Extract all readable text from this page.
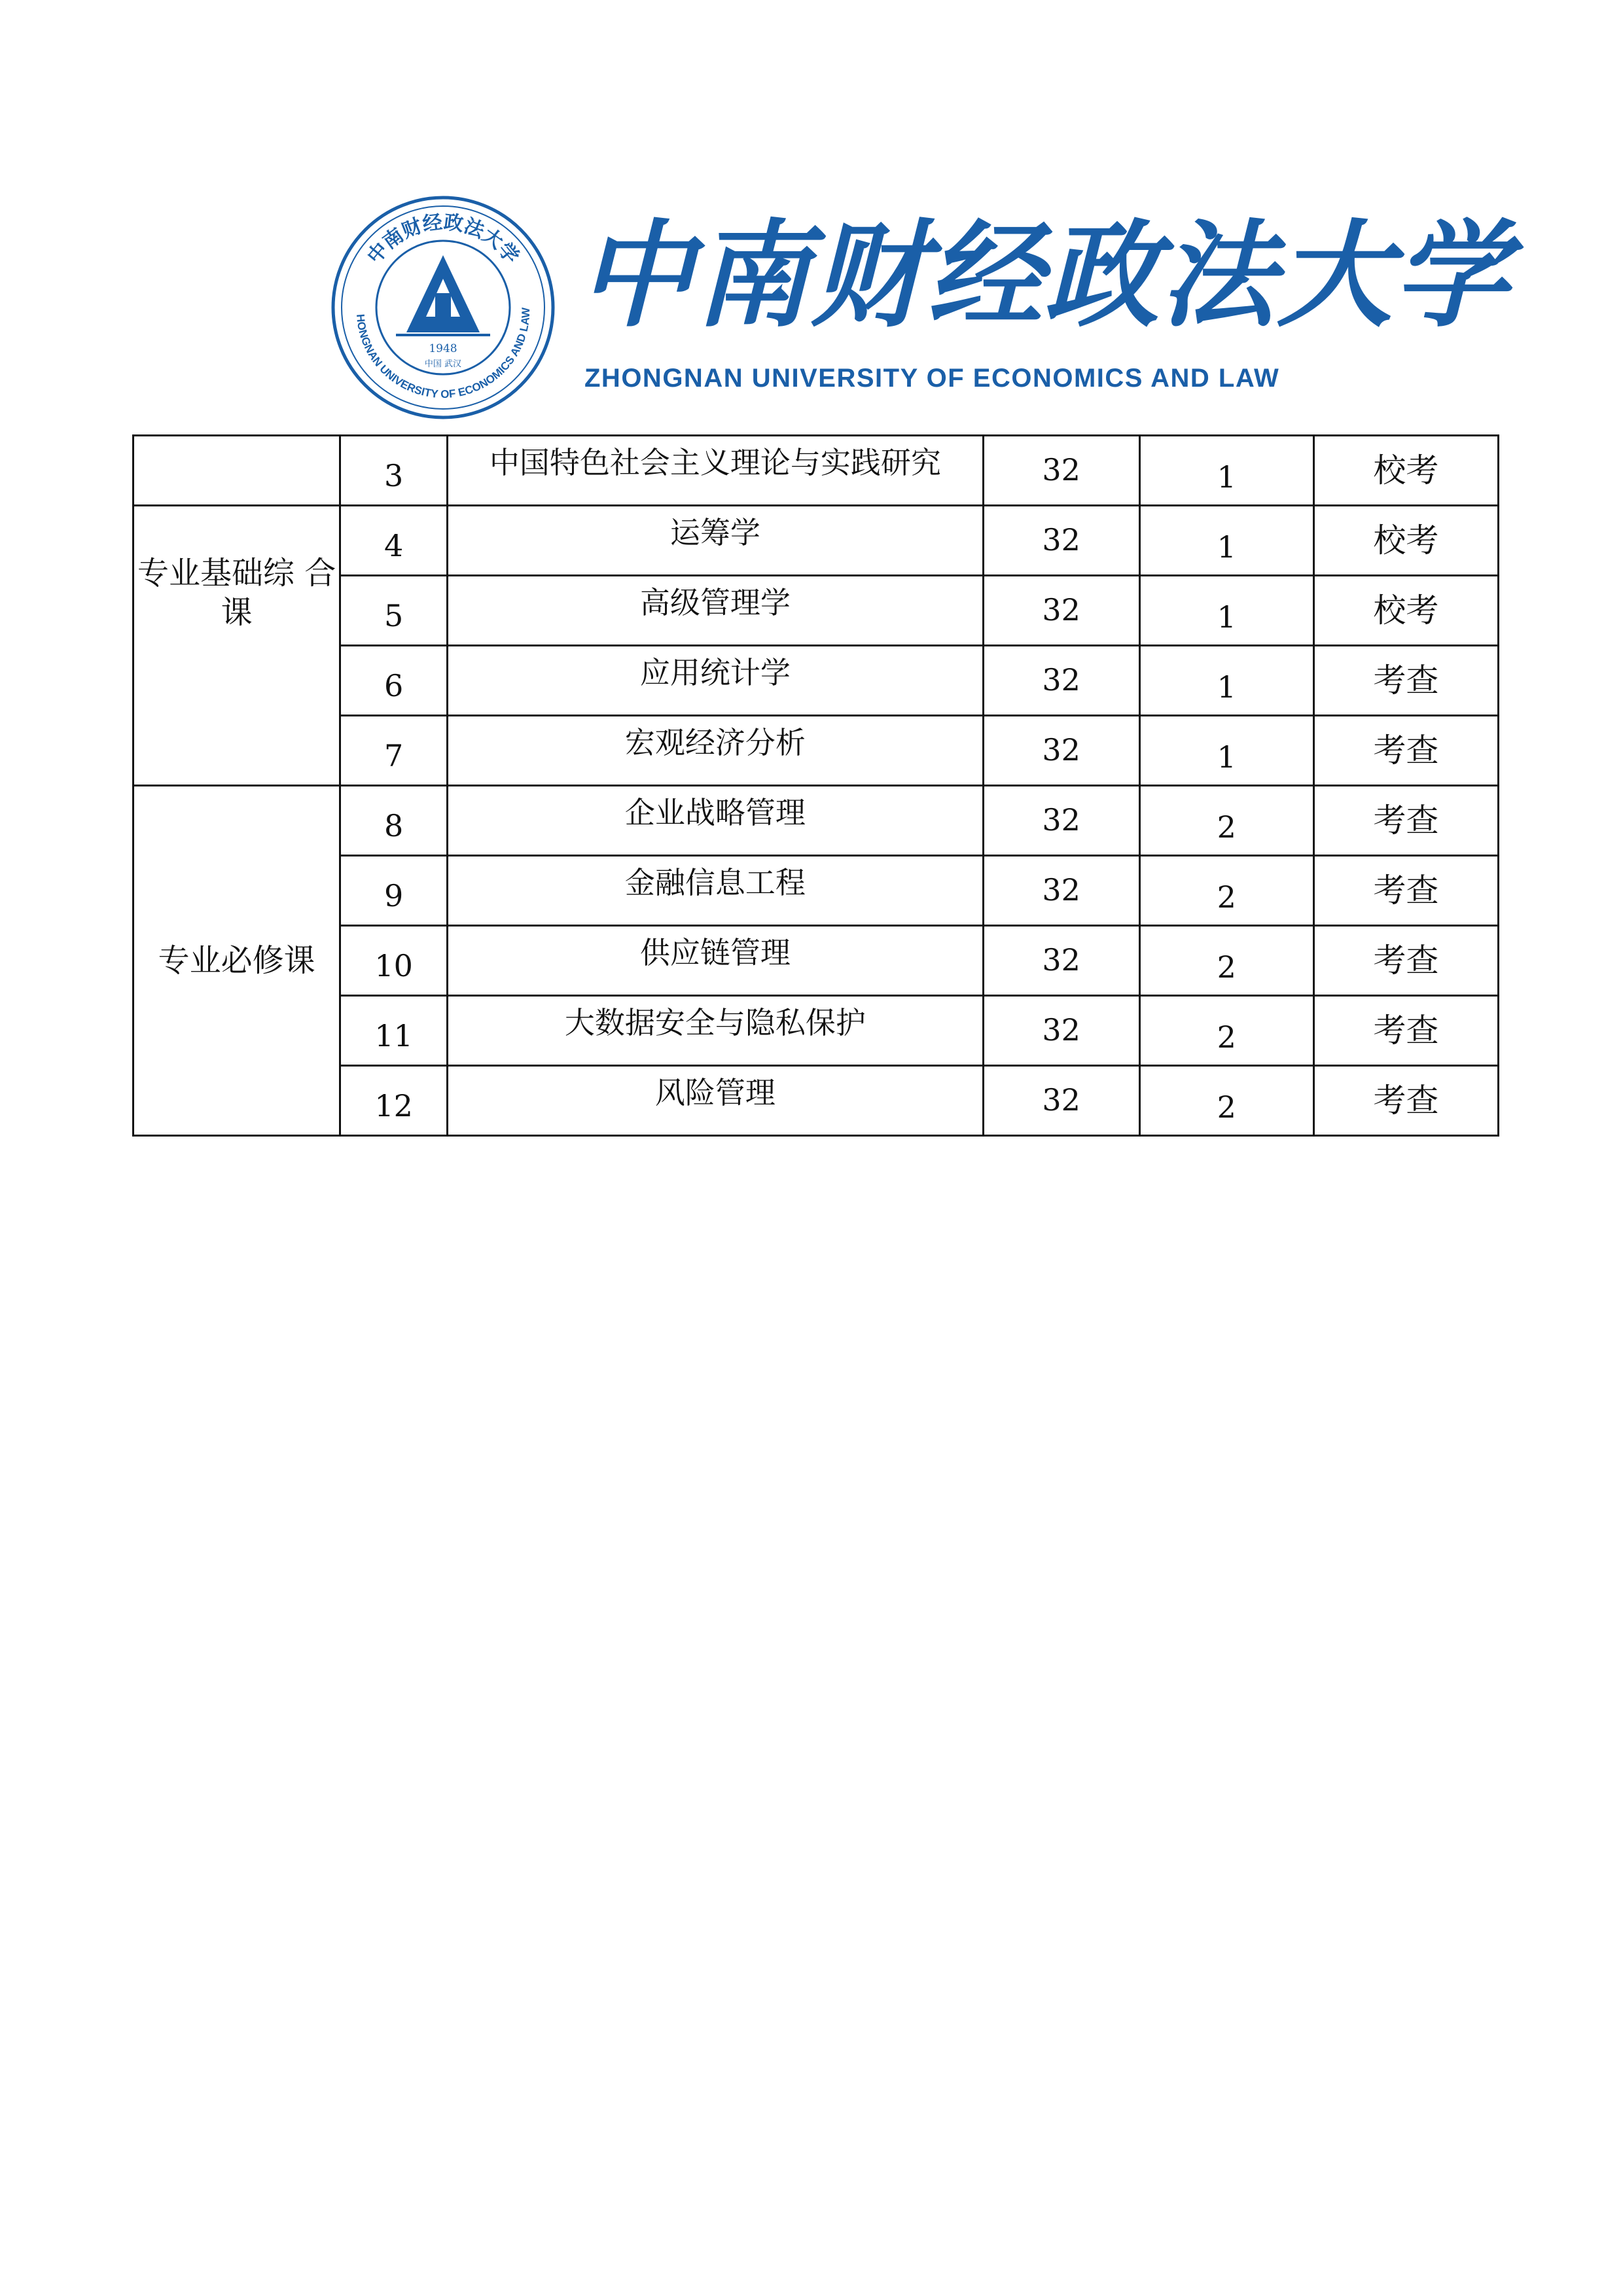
中南财经政法大学
HONGNAN UNIVERSITY OF ECONOMICS AND LAW
1948
中国 武汉
中南财经政法大学
ZHONGNAN UNIVERSITY OF ECONOMICS AND LAW
	3	中国特色社会主义理论与实践研究	32	1	校考
专业基础综 合课	4	运筹学	32	1	校考
	5	高级管理学	32	1	校考
	6	应用统计学	32	1	考查
	7	宏观经济分析	32	1	考查
专业必修课	8	企业战略管理	32	2	考查
	9	金融信息工程	32	2	考查
	10	供应链管理	32	2	考查
	11	大数据安全与隐私保护	32	2	考查
	12	风险管理	32	2	考查
